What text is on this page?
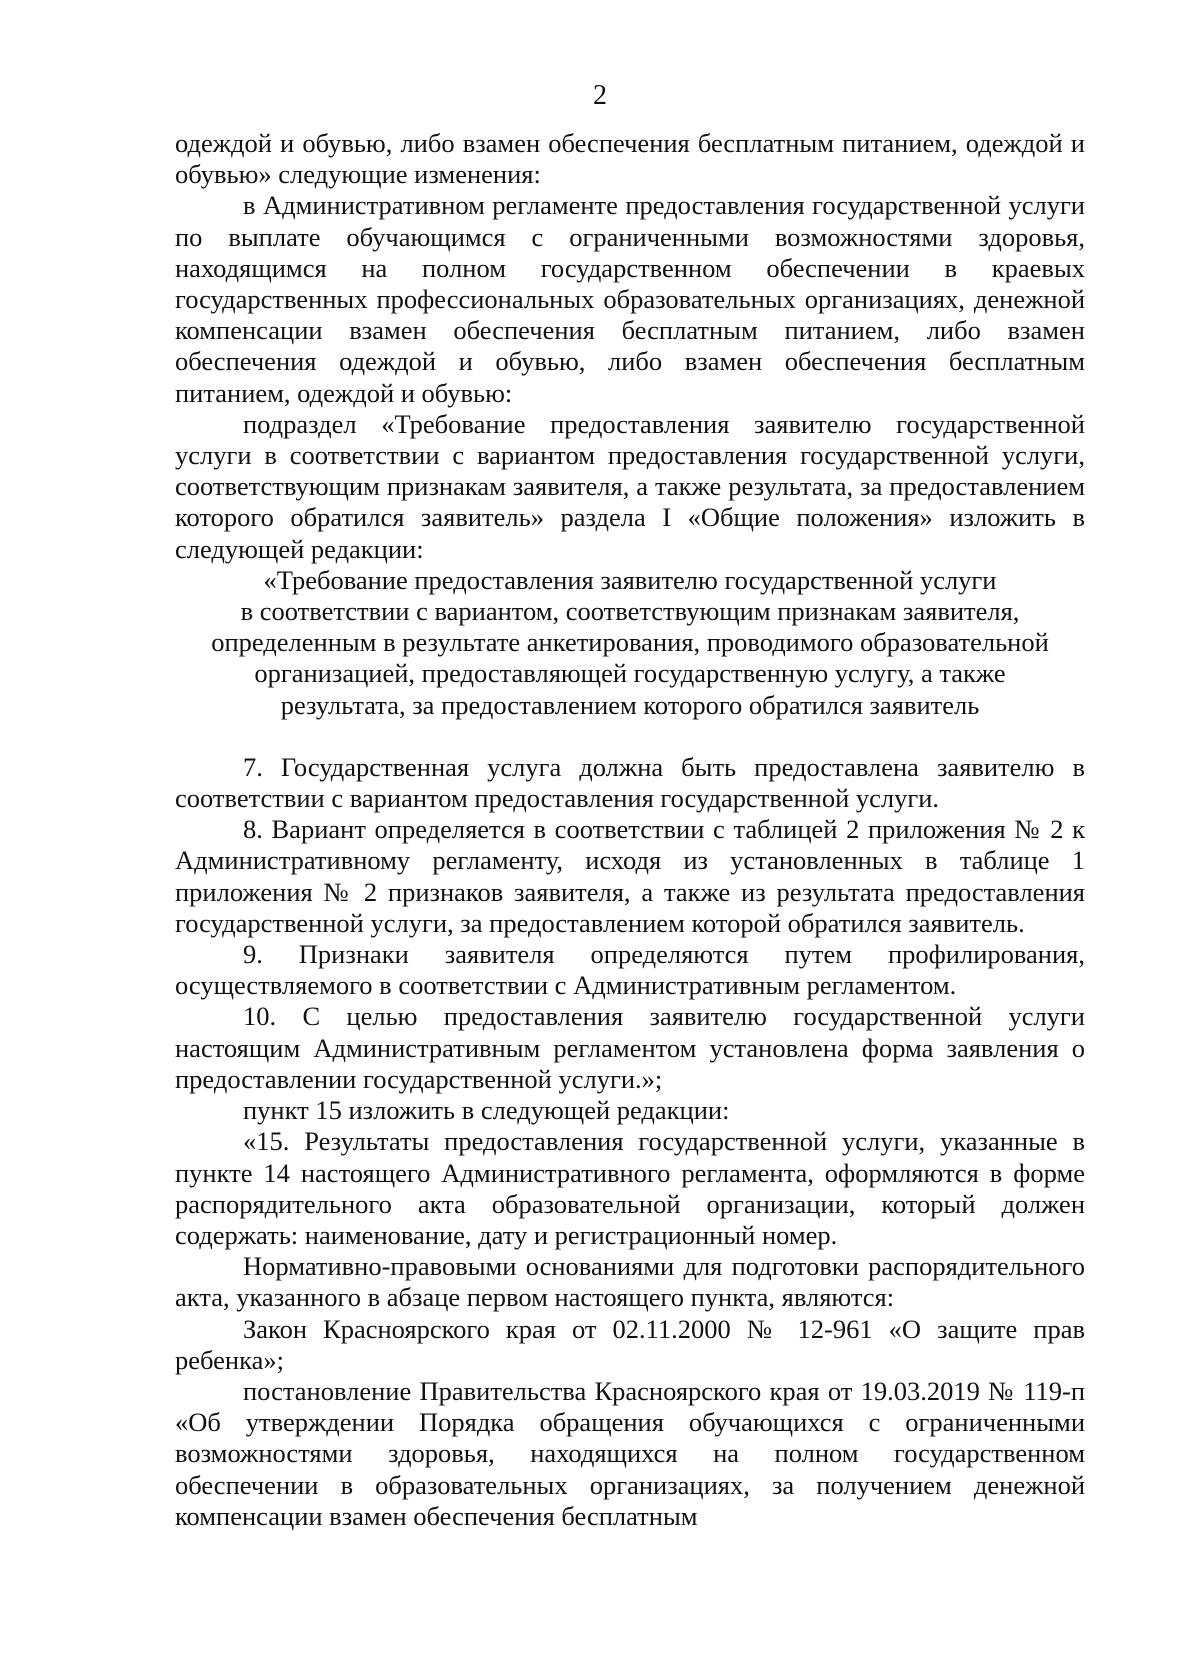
2

одеждой и обувью, либо взамен обеспечения бесплатным питанием, одеждой и обувью» следующие изменения:

в Административном регламенте предоставления государственной услуги по выплате обучающимся с ограниченными возможностями здоровья, находящимся на полном государственном обеспечении в краевых государственных профессиональных образовательных организациях, денежной компенсации взамен обеспечения бесплатным питанием, либо взамен обеспечения одеждой и обувью, либо взамен обеспечения бесплатным питанием, одеждой и обувью:

подраздел «Требование предоставления заявителю государственной услуги в соответствии с вариантом предоставления государственной услуги, соответствующим признакам заявителя, а также результата, за предоставлением которого обратился заявитель» раздела I «Общие положения» изложить в следующей редакции:

«Требование предоставления заявителю государственной услуги
в соответствии с вариантом, соответствующим признакам заявителя,
определенным в результате анкетирования, проводимого образовательной
организацией, предоставляющей государственную услугу, а также
результата, за предоставлением которого обратился заявитель

7. Государственная услуга должна быть предоставлена заявителю в соответствии с вариантом предоставления государственной услуги.

8. Вариант определяется в соответствии с таблицей 2 приложения № 2 к Административному регламенту, исходя из установленных в таблице 1 приложения № 2 признаков заявителя, а также из результата предоставления государственной услуги, за предоставлением которой обратился заявитель.

9. Признаки заявителя определяются путем профилирования, осуществляемого в соответствии с Административным регламентом.

10. С целью предоставления заявителю государственной услуги настоящим Административным регламентом установлена форма заявления о предоставлении государственной услуги.»;

пункт 15 изложить в следующей редакции:

«15. Результаты предоставления государственной услуги, указанные в пункте 14 настоящего Административного регламента, оформляются в форме распорядительного акта образовательной организации, который должен содержать: наименование, дату и регистрационный номер.

Нормативно-правовыми основаниями для подготовки распорядительного акта, указанного в абзаце первом настоящего пункта, являются:

Закон Красноярского края от 02.11.2000 № 12-961 «О защите прав ребенка»;

постановление Правительства Красноярского края от 19.03.2019 № 119-п «Об утверждении Порядка обращения обучающихся с ограниченными возможностями здоровья, находящихся на полном государственном обеспечении в образовательных организациях, за получением денежной компенсации взамен обеспечения бесплатным
